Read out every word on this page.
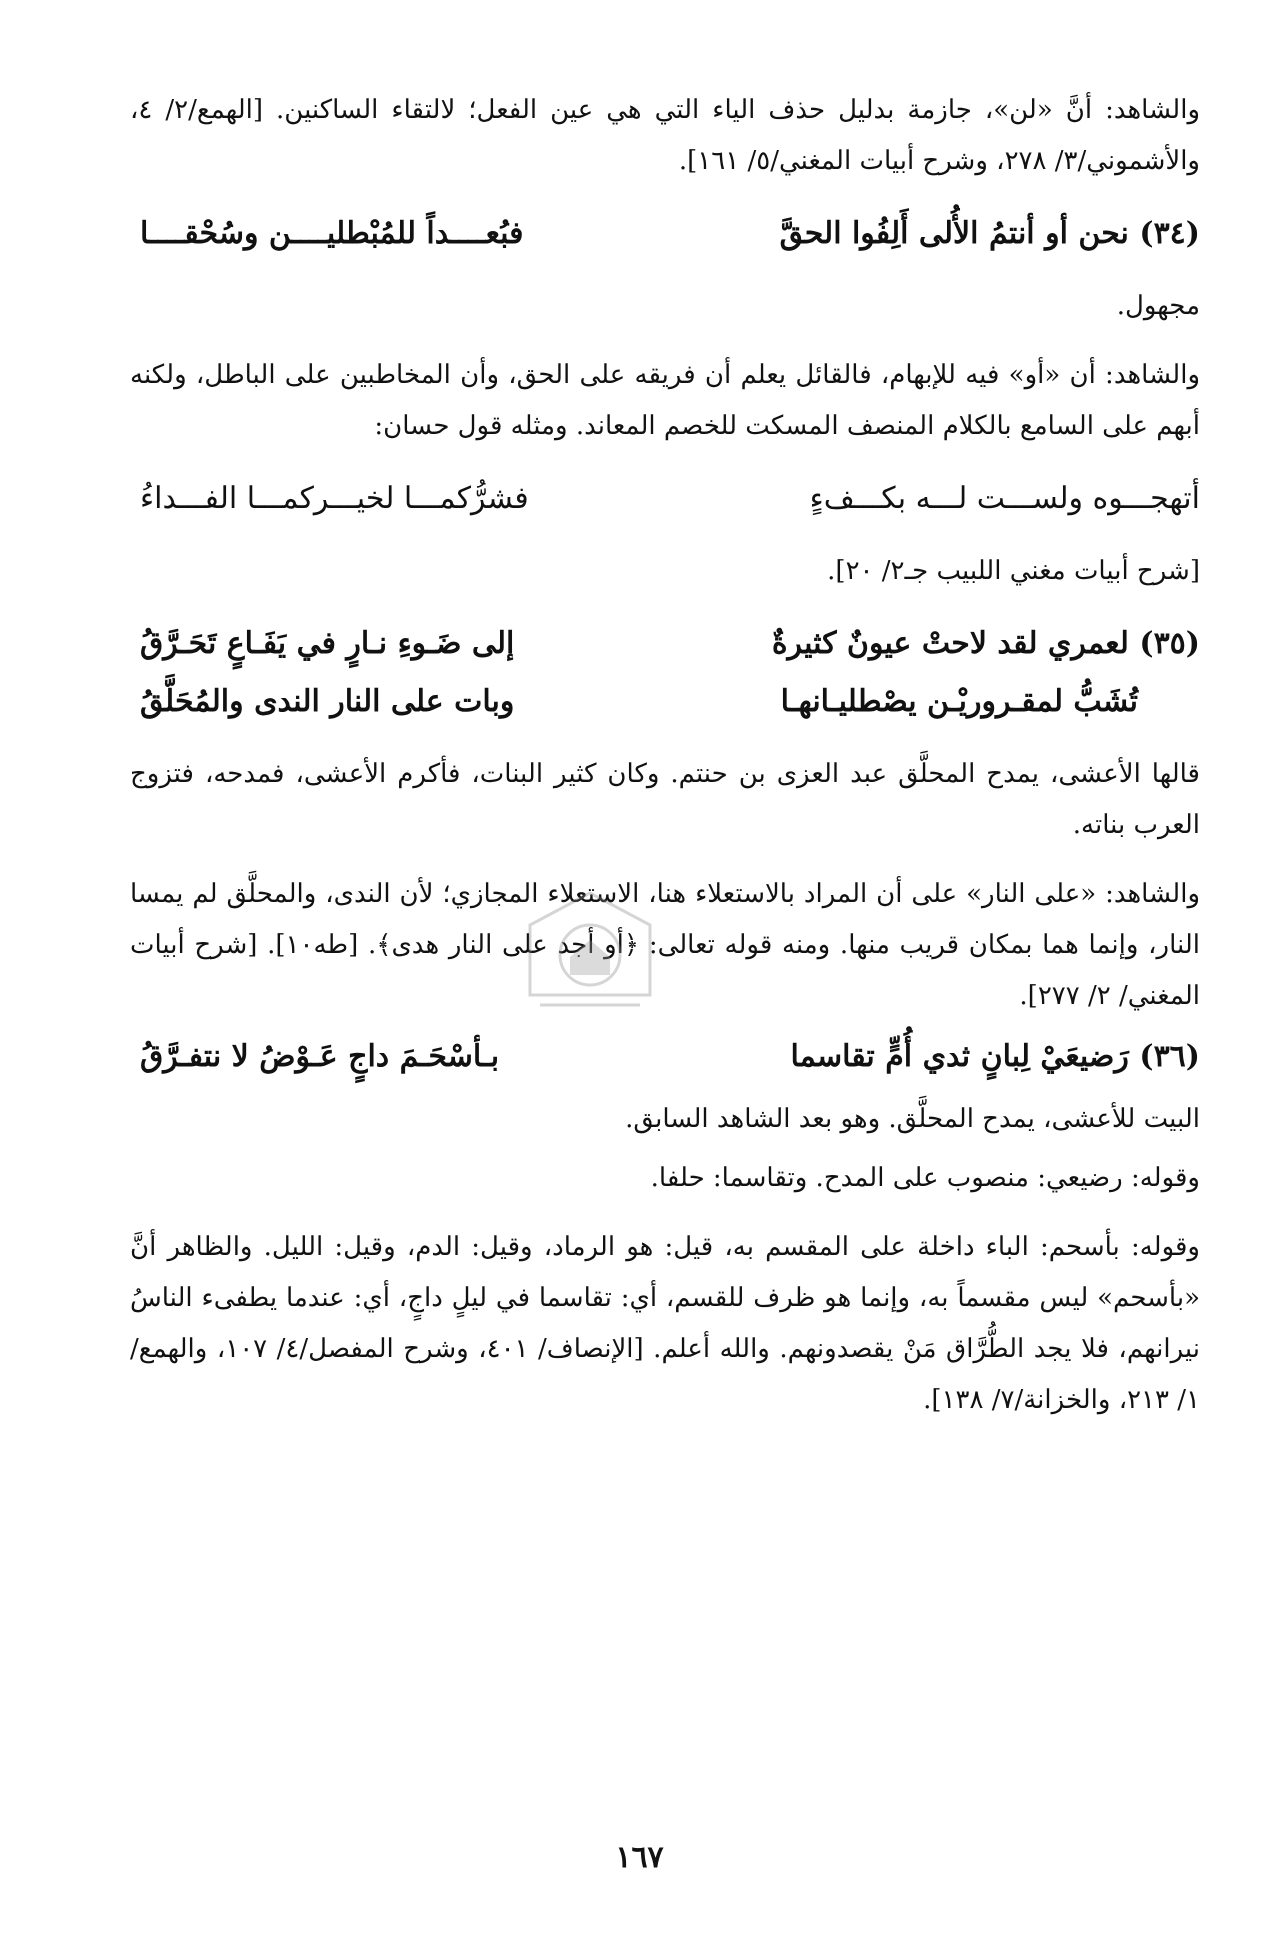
والشاهد: أنَّ «لن»، جازمة بدليل حذف الياء التي هي عين الفعل؛ لالتقاء الساكنين. [الهمع/٢/ ٤، والأشموني/٣/ ٢٧٨، وشرح أبيات المغني/٥/ ١٦١].

(٣٤) نحن أو أنتمُ الأُلى أَلِفُوا الحقَّ
فبُعــــداً للمُبْطليــــن وسُحْقــــا

مجهول.

والشاهد: أن «أو» فيه للإبهام، فالقائل يعلم أن فريقه على الحق، وأن المخاطبين على الباطل، ولكنه أبهم على السامع بالكلام المنصف المسكت للخصم المعاند. ومثله قول حسان:

أتهجـــوه ولســـت لـــه بكـــفءٍ
فشرُّكمـــا لخيـــركمـــا الفـــداءُ

[شرح أبيات مغني اللبيب جـ٢/ ٢٠].

(٣٥) لعمري لقد لاحتْ عيونٌ كثيرةٌ
إلى ضَـوءِ نـارٍ في يَفَـاعٍ تَحَـرَّقُ
تُشَبُّ لمقـروريْـن يصْطليـانهـا
وبات على النار الندى والمُحَلَّقُ

قالها الأعشى، يمدح المحلَّق عبد العزى بن حنتم. وكان كثير البنات، فأكرم الأعشى، فمدحه، فتزوج العرب بناته.

والشاهد: «على النار» على أن المراد بالاستعلاء هنا، الاستعلاء المجازي؛ لأن الندى، والمحلَّق لم يمسا النار، وإنما هما بمكان قريب منها. ومنه قوله تعالى: ﴿أو أجد على النار هدى﴾. [طه١٠]. [شرح أبيات المغني/ ٢/ ٢٧٧].

(٣٦) رَضيعَيْ لِبانٍ ثدي أُمٍّ تقاسما
بـأسْحَـمَ داجٍ عَـوْضُ لا نتفـرَّقُ

البيت للأعشى، يمدح المحلَّق. وهو بعد الشاهد السابق.

وقوله: رضيعي: منصوب على المدح. وتقاسما: حلفا.

وقوله: بأسحم: الباء داخلة على المقسم به، قيل: هو الرماد، وقيل: الدم، وقيل: الليل. والظاهر أنَّ «بأسحم» ليس مقسماً به، وإنما هو ظرف للقسم، أي: تقاسما في ليلٍ داجٍ، أي: عندما يطفىء الناسُ نيرانهم، فلا يجد الطُّرَّاق مَنْ يقصدونهم. والله أعلم. [الإنصاف/ ٤٠١، وشرح المفصل/٤/ ١٠٧، والهمع/١/ ٢١٣، والخزانة/٧/ ١٣٨].

١٦٧
